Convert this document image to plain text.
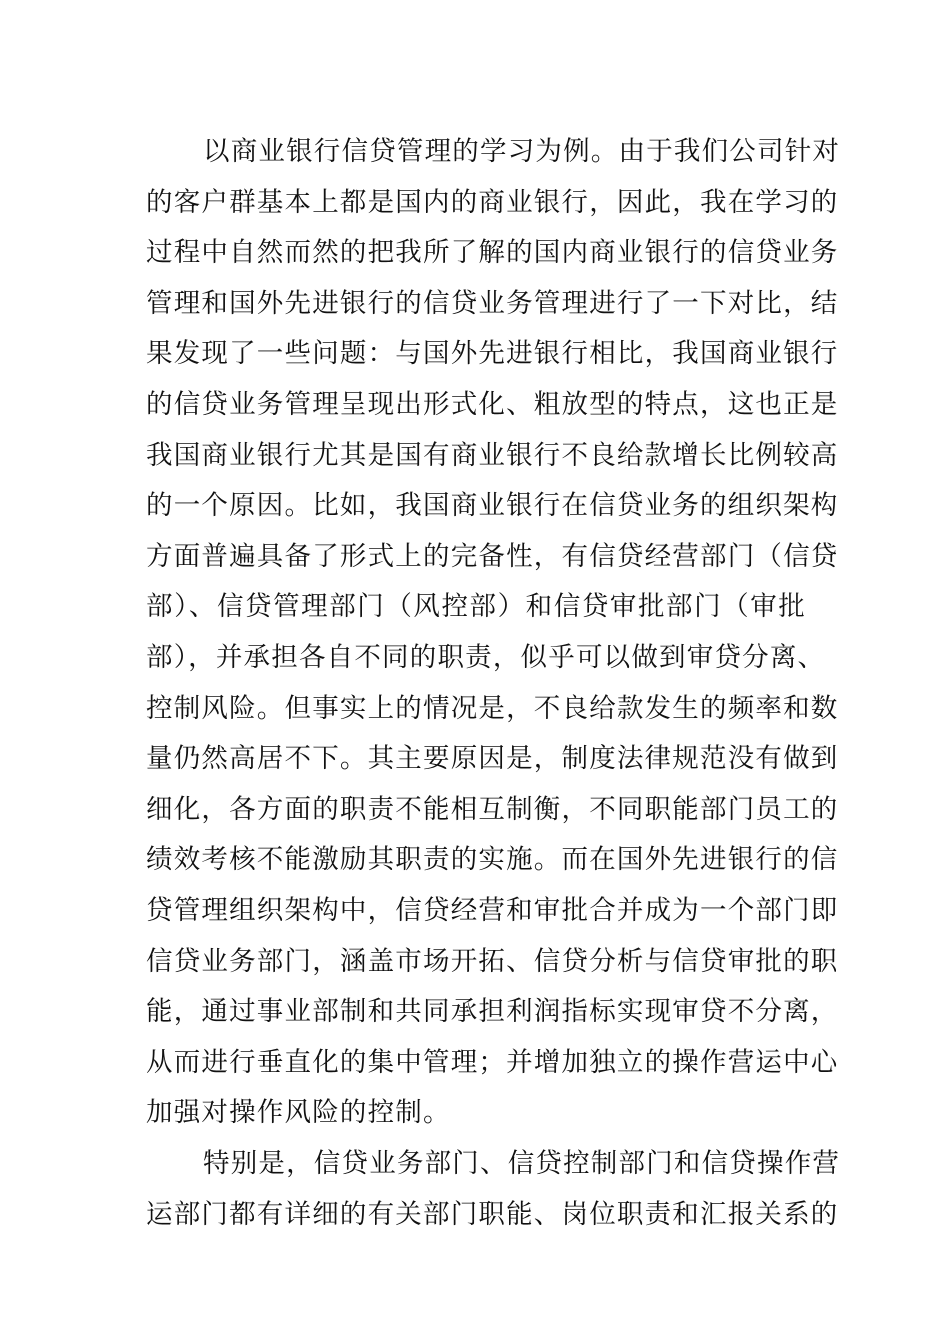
以商业银行信贷管理的学习为例。由于我们公司针对
的客户群基本上都是国内的商业银行，因此，我在学习的
过程中自然而然的把我所了解的国内商业银行的信贷业务
管理和国外先进银行的信贷业务管理进行了一下对比，结
果发现了一些问题：与国外先进银行相比，我国商业银行
的信贷业务管理呈现出形式化、粗放型的特点，这也正是
我国商业银行尤其是国有商业银行不良给款增长比例较高
的一个原因。比如，我国商业银行在信贷业务的组织架构
方面普遍具备了形式上的完备性，有信贷经营部门（信贷
部）、信贷管理部门（风控部）和信贷审批部门（审批
部），并承担各自不同的职责，似乎可以做到审贷分离、
控制风险。但事实上的情况是，不良给款发生的频率和数
量仍然高居不下。其主要原因是，制度法律规范没有做到
细化，各方面的职责不能相互制衡，不同职能部门员工的
绩效考核不能激励其职责的实施。而在国外先进银行的信
贷管理组织架构中，信贷经营和审批合并成为一个部门即
信贷业务部门，涵盖市场开拓、信贷分析与信贷审批的职
能，通过事业部制和共同承担利润指标实现审贷不分离，
从而进行垂直化的集中管理；并增加独立的操作营运中心
加强对操作风险的控制。
特别是，信贷业务部门、信贷控制部门和信贷操作营
运部门都有详细的有关部门职能、岗位职责和汇报关系的
